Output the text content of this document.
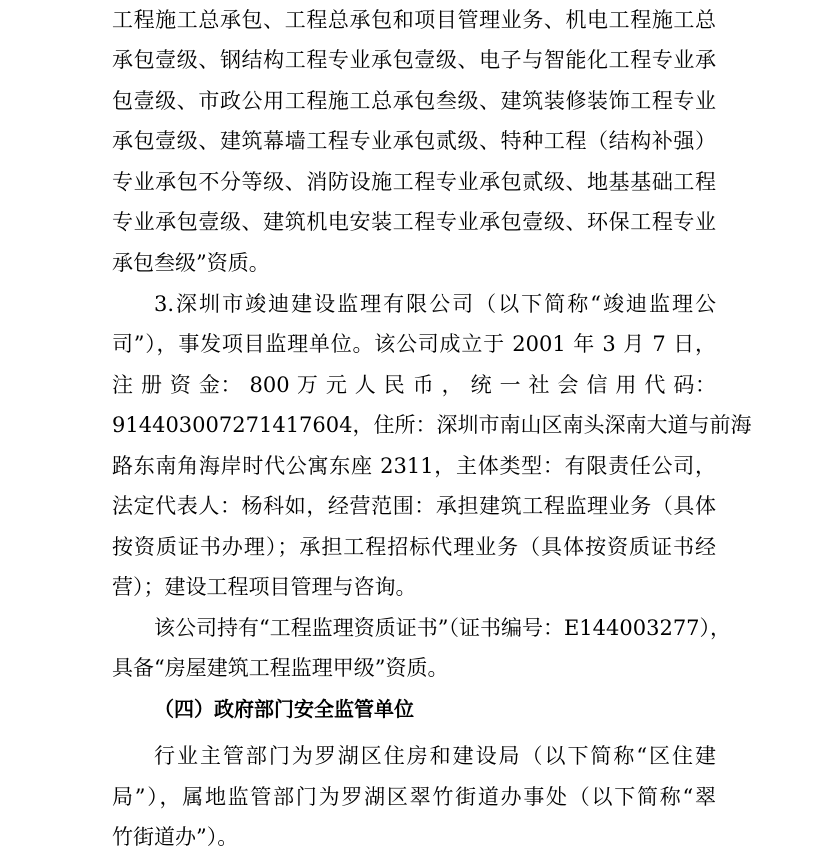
工程施工总承包、工程总承包和项目管理业务、机电工程施工总
承包壹级、钢结构工程专业承包壹级、电子与智能化工程专业承
包壹级、市政公用工程施工总承包叁级、建筑装修装饰工程专业
承包壹级、建筑幕墙工程专业承包贰级、特种工程（结构补强）
专业承包不分等级、消防设施工程专业承包贰级、地基基础工程
专业承包壹级、建筑机电安装工程专业承包壹级、环保工程专业
承包叁级”资质。
3.深圳市竣迪建设监理有限公司（以下简称“竣迪监理公
司”），事发项目监理单位。该公司成立于 2001 年 3 月 7 日，
注 册 资 金： 800 万 元 人 民 币 ， 统 一 社 会 信 用 代 码：
91440300727141760​4，住所：深圳市南山区南头深南大道与前海
路东南角海岸时代公寓东座 2311，主体类型：有限责任公司，
法定代表人：杨科如，经营范围：承担建筑工程监理业务（具体
按资质证书办理）；承担工程招标代理业务（具体按资质证书经
营）；建设工程项目管理与咨询。
该公司持有“工程监理资质证书”（证书编号：E144003277），
具备“房屋建筑工程监理甲级”资质。
（四）政府部门安全监管单位
行业主管部门为罗湖区住房和建设局（以下简称“区住建
局”），属地监管部门为罗湖区翠竹街道办事处（以下简称“翠
竹街道办”）。
